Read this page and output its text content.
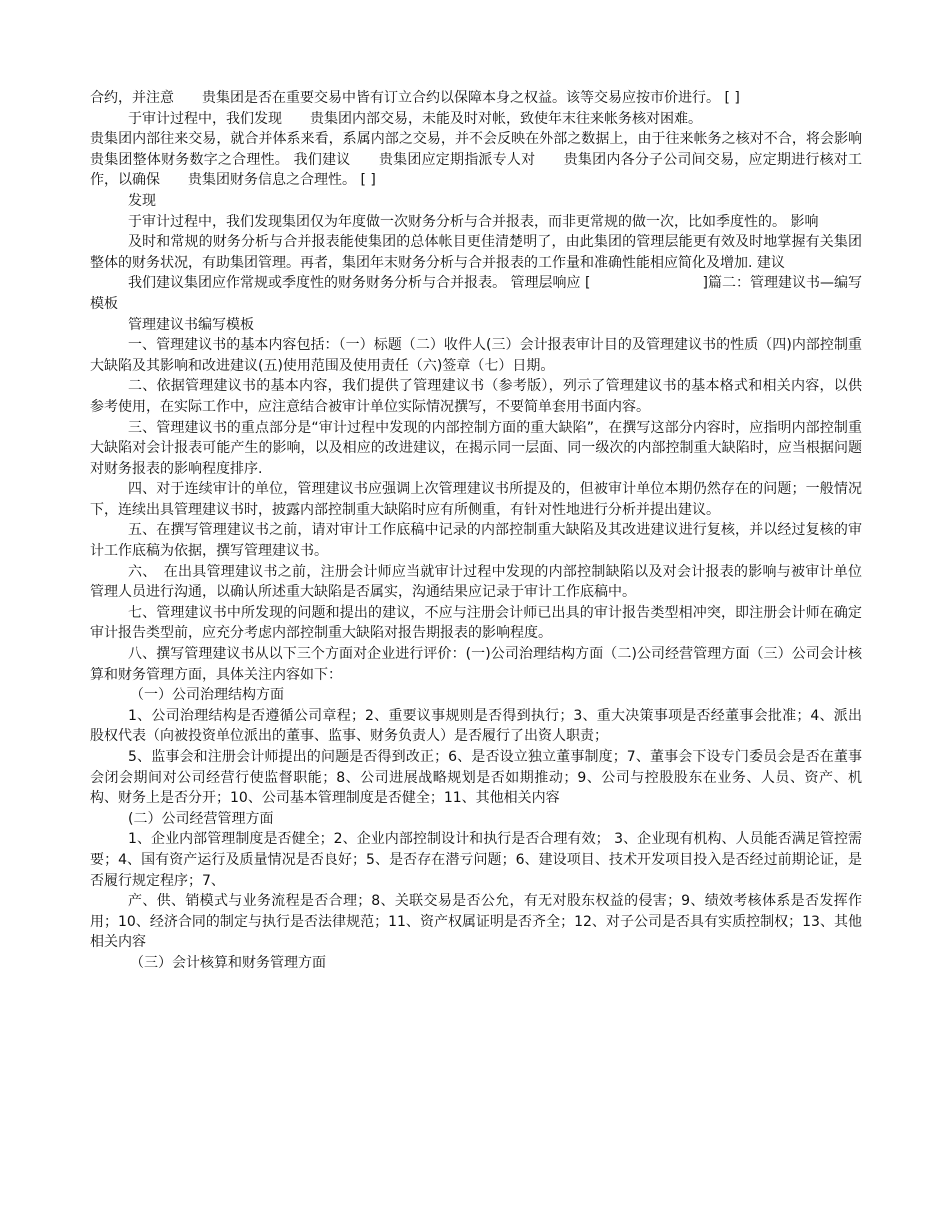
合约，并注意　　贵集团是否在重要交易中皆有订立合约以保障本身之权益。该等交易应按市价进行。 [ ]

于审计过程中，我们发现　　贵集团内部交易，未能及时对帐，致使年末往来帐务核对困难。

贵集团内部往来交易，就合并体系来看，系属内部之交易，并不会反映在外部之数据上，由于往来帐务之核对不合，将会影响　　贵集团整体财务数字之合理性。 我们建议　　贵集团应定期指派专人对　　贵集团内各分子公司间交易，应定期进行核对工作，以确保　　贵集团财务信息之合理性。 [ ]

发现

于审计过程中，我们发现集团仅为年度做一次财务分析与合并报表，而非更常规的做一次，比如季度性的。 影响

及时和常规的财务分析与合并报表能使集团的总体帐目更佳清楚明了，由此集团的管理层能更有效及时地掌握有关集团整体的财务状况，有助集团管理。再者，集团年末财务分析与合并报表的工作量和准确性能相应简化及增加. 建议

我们建议集团应作常规或季度性的财务财务分析与合并报表。 管理层响应 [　　　　　　　　]篇二：管理建议书—编写模板

管理建议书编写模板

一、管理建议书的基本内容包括：（一）标题（二）收件人(三）会计报表审计目的及管理建议书的性质（四)内部控制重大缺陷及其影响和改进建议(五)使用范围及使用责任（六)签章（七）日期。

二、依据管理建议书的基本内容，我们提供了管理建议书（参考版），列示了管理建议书的基本格式和相关内容，以供参考使用，在实际工作中，应注意结合被审计单位实际情况撰写，不要简单套用书面内容。

三、管理建议书的重点部分是“审计过程中发现的内部控制方面的重大缺陷”，在撰写这部分内容时，应指明内部控制重大缺陷对会计报表可能产生的影响，以及相应的改进建议，在揭示同一层面、同一级次的内部控制重大缺陷时，应当根据问题对财务报表的影响程度排序.

四、对于连续审计的单位，管理建议书应强调上次管理建议书所提及的，但被审计单位本期仍然存在的问题；一般情况下，连续出具管理建议书时，披露内部控制重大缺陷时应有所侧重，有针对性地进行分析并提出建议。

五、在撰写管理建议书之前，请对审计工作底稿中记录的内部控制重大缺陷及其改进建议进行复核，并以经过复核的审计工作底稿为依据，撰写管理建议书。

六、　在出具管理建议书之前，注册会计师应当就审计过程中发现的内部控制缺陷以及对会计报表的影响与被审计单位管理人员进行沟通，以确认所述重大缺陷是否属实，沟通结果应记录于审计工作底稿中。

七、管理建议书中所发现的问题和提出的建议，不应与注册会计师已出具的审计报告类型相冲突，即注册会计师在确定审计报告类型前，应充分考虑内部控制重大缺陷对报告期报表的影响程度。

八、撰写管理建议书从以下三个方面对企业进行评价：(一)公司治理结构方面（二)公司经营管理方面（三）公司会计核算和财务管理方面，具体关注内容如下：

（一）公司治理结构方面

1、公司治理结构是否遵循公司章程；2、重要议事规则是否得到执行；3、重大决策事项是否经董事会批准；4、派出股权代表（向被投资单位派出的董事、监事、财务负责人）是否履行了出资人职责；

5、监事会和注册会计师提出的问题是否得到改正；6、是否设立独立董事制度；7、董事会下设专门委员会是否在董事会闭会期间对公司经营行使监督职能；8、公司进展战略规划是否如期推动；9、公司与控股股东在业务、人员、资产、机构、财务上是否分开；10、公司基本管理制度是否健全；11、其他相关内容

(二）公司经营管理方面

1、企业内部管理制度是否健全；2、企业内部控制设计和执行是否合理有效； 3、企业现有机构、人员能否满足管控需要；4、国有资产运行及质量情况是否良好；5、是否存在潜亏问题；6、建设项目、技术开发项目投入是否经过前期论证，是否履行规定程序；7、

产、供、销模式与业务流程是否合理；8、关联交易是否公允，有无对股东权益的侵害；9、绩效考核体系是否发挥作用；10、经济合同的制定与执行是否法律规范；11、资产权属证明是否齐全；12、对子公司是否具有实质控制权；13、其他相关内容

（三）会计核算和财务管理方面
